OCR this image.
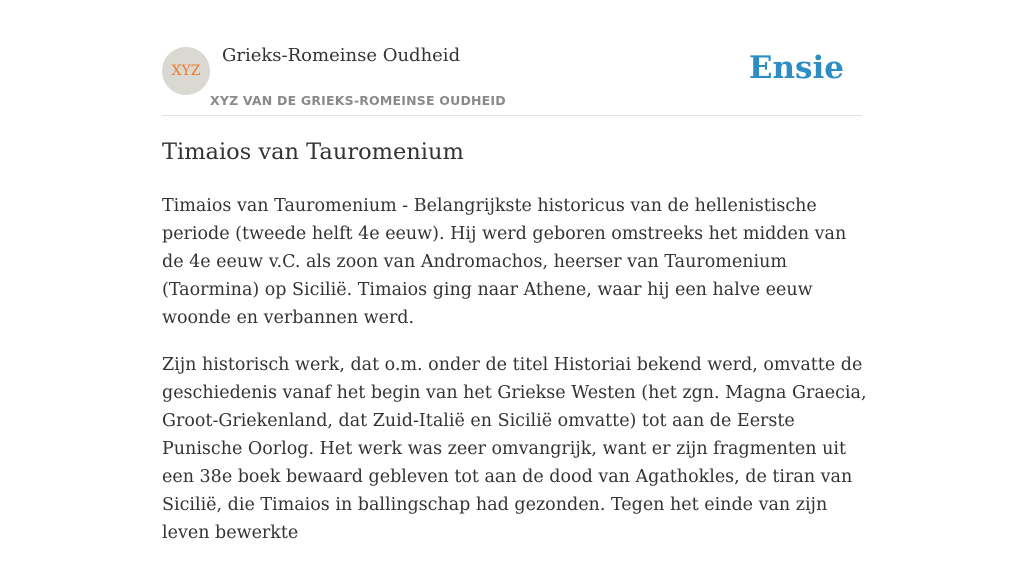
XYZ
Grieks-Romeinse Oudheid
XYZ VAN DE GRIEKS-ROMEINSE OUDHEID
Ensie
Timaios van Tauromenium

Timaios van Tauromenium - Belangrijkste historicus van de hellenistische periode (tweede helft 4e eeuw). Hij werd geboren omstreeks het midden van de 4e eeuw v.C. als zoon van Andromachos, heerser van Tauromenium (Taormina) op Sicilië. Timaios ging naar Athene, waar hij een halve eeuw woonde en verbannen werd.

Zijn historisch werk, dat o.m. onder de titel Historiai bekend werd, omvatte de geschiedenis vanaf het begin van het Griekse Westen (het zgn. Magna Graecia, Groot-Griekenland, dat Zuid-Italië en Sicilië omvatte) tot aan de Eerste Punische Oorlog. Het werk was zeer omvangrijk, want er zijn fragmenten uit een 38e boek bewaard gebleven tot aan de dood van Agathokles, de tiran van Sicilië, die Timaios in ballingschap had gezonden. Tegen het einde van zijn leven bewerkte
